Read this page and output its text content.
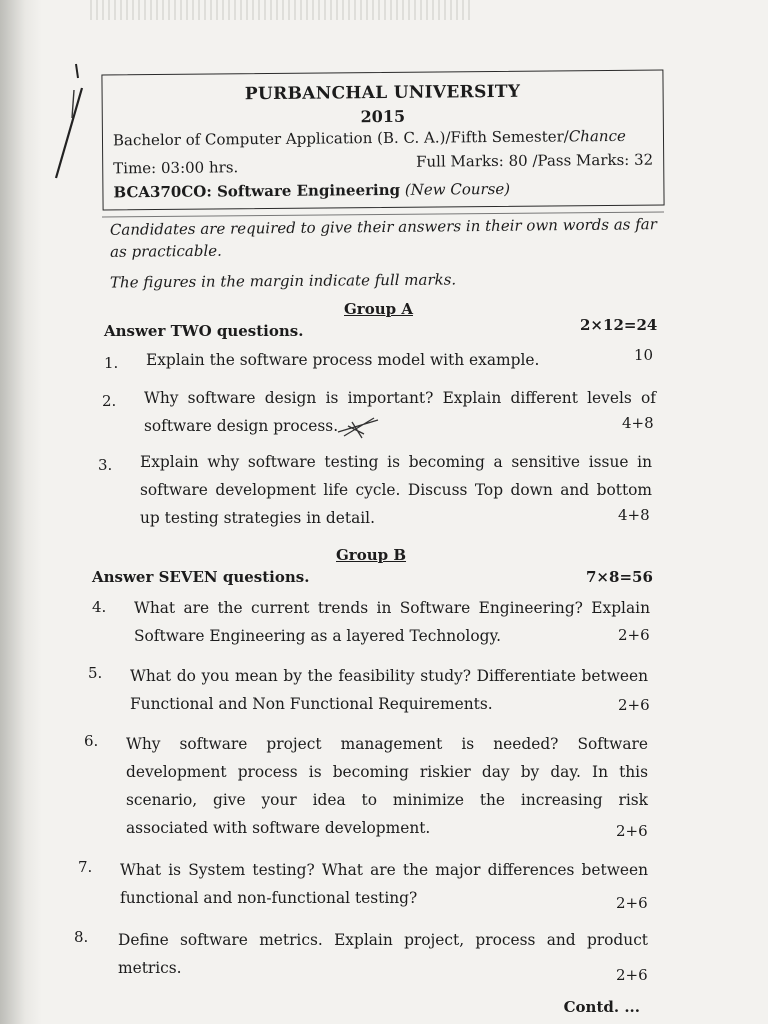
PURBANCHAL UNIVERSITY
2015
Bachelor of Computer Application (B. C. A.)/Fifth Semester/Chance
Time: 03:00 hrs.	Full Marks: 80 /Pass Marks: 32
BCA370CO: Software Engineering (New Course)
Candidates are required to give their answers in their own words as far
as practicable.
The figures in the margin indicate full marks.
Group A
Answer TWO questions.	2×12=24
1. Explain the software process model with example.	10
2. Why software design is important? Explain different levels of
software design process.	4+8
3. Explain why software testing is becoming a sensitive issue in
software development life cycle. Discuss Top down and bottom
up testing strategies in detail.	4+8
Group B
Answer SEVEN questions.	7×8=56
4. What are the current trends in Software Engineering? Explain
Software Engineering as a layered Technology.	2+6
5. What do you mean by the feasibility study? Differentiate between
Functional and Non Functional Requirements.	2+6
6. Why software project management is needed? Software
development process is becoming riskier day by day. In this
scenario, give your idea to minimize the increasing risk
associated with software development.	2+6
7. What is System testing? What are the major differences between
functional and non-functional testing?	2+6
8. Define software metrics. Explain project, process and product
metrics.	2+6
Contd. ...
